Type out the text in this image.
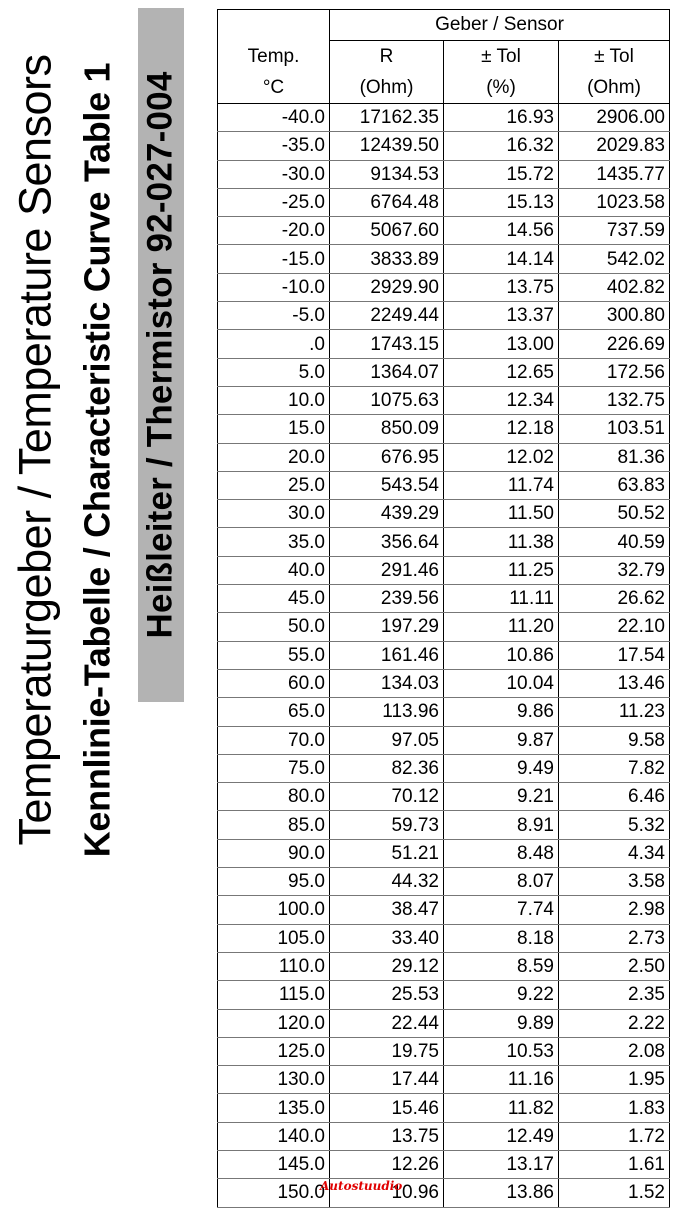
Temperaturgeber / Temperature Sensors Kennlinie-Tabelle / Characteristic Curve Table 1 Heißleiter / Thermistor 92-027-004
	Geber / Sensor		
Temp.	R	± Tol	± Tol
°C	(Ohm)	(%)	(Ohm)
-40.0	17162.35	16.93	2906.00
-35.0	12439.50	16.32	2029.83
-30.0	9134.53	15.72	1435.77
-25.0	6764.48	15.13	1023.58
-20.0	5067.60	14.56	737.59
-15.0	3833.89	14.14	542.02
-10.0	2929.90	13.75	402.82
-5.0	2249.44	13.37	300.80
.0	1743.15	13.00	226.69
5.0	1364.07	12.65	172.56
10.0	1075.63	12.34	132.75
15.0	850.09	12.18	103.51
20.0	676.95	12.02	81.36
25.0	543.54	11.74	63.83
30.0	439.29	11.50	50.52
35.0	356.64	11.38	40.59
40.0	291.46	11.25	32.79
45.0	239.56	11.11	26.62
50.0	197.29	11.20	22.10
55.0	161.46	10.86	17.54
60.0	134.03	10.04	13.46
65.0	113.96	9.86	11.23
70.0	97.05	9.87	9.58
75.0	82.36	9.49	7.82
80.0	70.12	9.21	6.46
85.0	59.73	8.91	5.32
90.0	51.21	8.48	4.34
95.0	44.32	8.07	3.58
100.0	38.47	7.74	2.98
105.0	33.40	8.18	2.73
110.0	29.12	8.59	2.50
115.0	25.53	9.22	2.35
120.0	22.44	9.89	2.22
125.0	19.75	10.53	2.08
130.0	17.44	11.16	1.95
135.0	15.46	11.82	1.83
140.0	13.75	12.49	1.72
145.0	12.26	13.17	1.61
150.0	10.96	13.86	1.52
Autostuudio
